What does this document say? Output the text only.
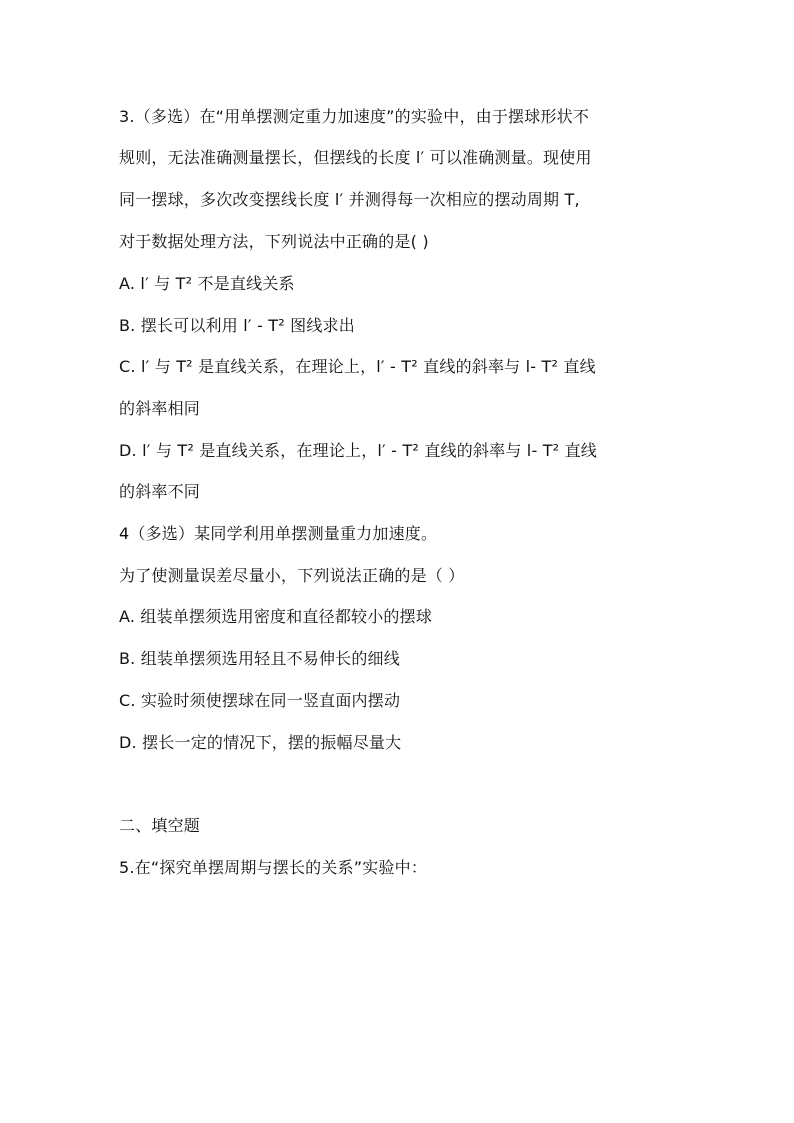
3.（多选）在“用单摆测定重力加速度”的实验中，由于摆球形状不
规则，无法准确测量摆长，但摆线的长度 l′ 可以准确测量。现使用
同一摆球，多次改变摆线长度 l′ 并测得每一次相应的摆动周期 T,
对于数据处理方法，下列说法中正确的是( )
A. l′ 与 T² 不是直线关系
B. 摆长可以利用 l′ - T² 图线求出
C. l′ 与 T² 是直线关系，在理论上，l′ - T² 直线的斜率与 l- T² 直线
的斜率相同
D. l′ 与 T² 是直线关系，在理论上，l′ - T² 直线的斜率与 l- T² 直线
的斜率不同
4（多选）某同学利用单摆测量重力加速度。
为了使测量误差尽量小，下列说法正确的是（ ）
A. 组装单摆须选用密度和直径都较小的摆球
B. 组装单摆须选用轻且不易伸长的细线
C. 实验时须使摆球在同一竖直面内摆动
D. 摆长一定的情况下，摆的振幅尽量大
二、填空题
5.在“探究单摆周期与摆长的关系”实验中：
